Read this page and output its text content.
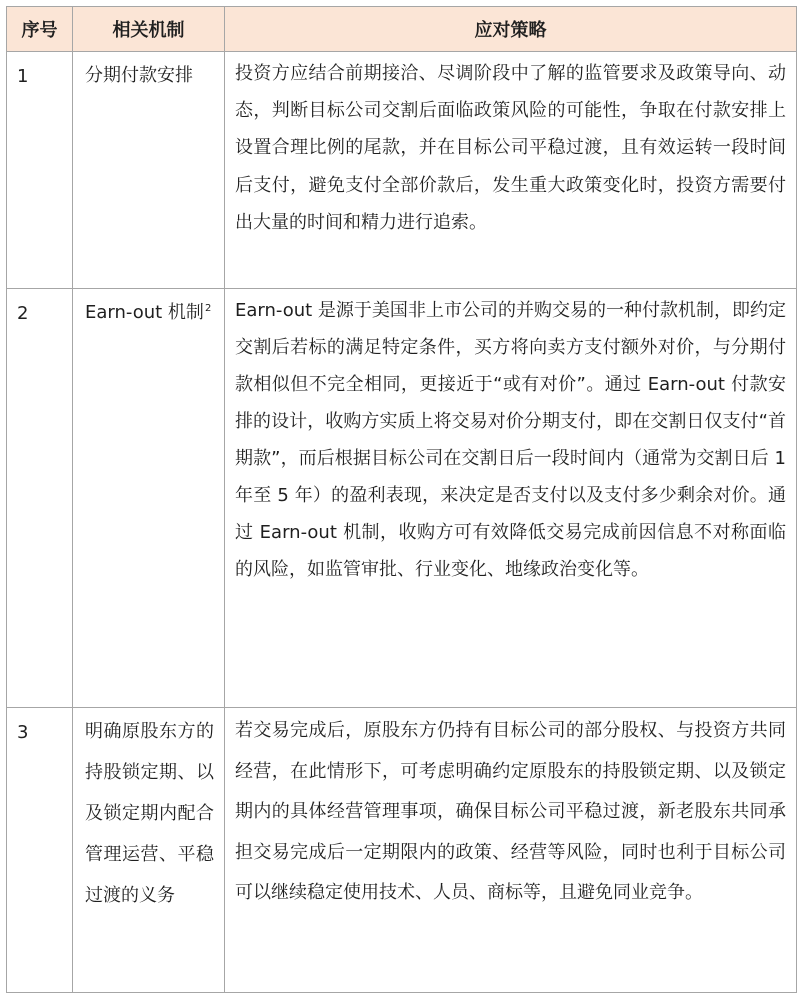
序号	相关机制	应对策略
1	分期付款安排	投资方应结合前期接洽、尽调阶段中了解的监管要求及政策导向、动态，判断目标公司交割后面临政策风险的可能性，争取在付款安排上设置合理比例的尾款，并在目标公司平稳过渡，且有效运转一段时间后支付，避免支付全部价款后，发生重大政策变化时，投资方需要付出大量的时间和精力进行追索。
2	Earn-out 机制$^2$	Earn-out 是源于美国非上市公司的并购交易的一种付款机制，即约定交割后若标的满足特定条件，买方将向卖方支付额外对价，与分期付款相似但不完全相同，更接近于“或有对价”。通过 Earn-out 付款安排的设计，收购方实质上将交易对价分期支付，即在交割日仅支付“首期款”，而后根据目标公司在交割日后一段时间内（通常为交割日后 1 年至 5 年）的盈利表现，来决定是否支付以及支付多少剩余对价。通过 Earn-out 机制，收购方可有效降低交易完成前因信息不对称面临的风险，如监管审批、行业变化、地缘政治变化等。
3	明确原股东方的持股锁定期、以及锁定期内配合管理运营、平稳过渡的义务	若交易完成后，原股东方仍持有目标公司的部分股权、与投资方共同经营，在此情形下，可考虑明确约定原股东的持股锁定期、以及锁定期内的具体经营管理事项，确保目标公司平稳过渡，新老股东共同承担交易完成后一定期限内的政策、经营等风险，同时也利于目标公司可以继续稳定使用技术、人员、商标等，且避免同业竞争。
